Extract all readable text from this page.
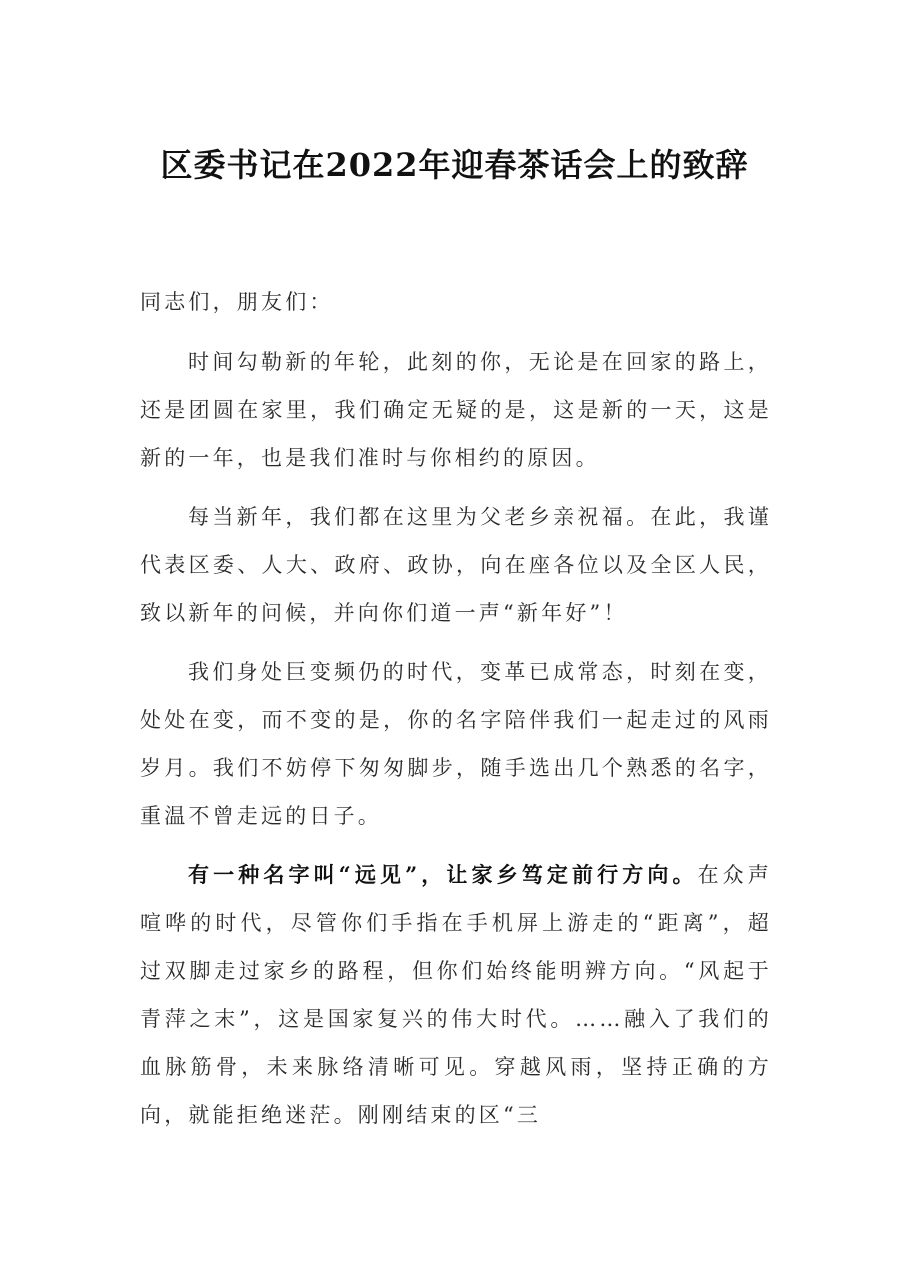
区委书记在2022年迎春茶话会上的致辞

同志们，朋友们：

时间勾勒新的年轮，此刻的你，无论是在回家的路上，还是团圆在家里，我们确定无疑的是，这是新的一天，这是新的一年，也是我们准时与你相约的原因。

每当新年，我们都在这里为父老乡亲祝福。在此，我谨代表区委、人大、政府、政协，向在座各位以及全区人民，致以新年的问候，并向你们道一声“新年好”！

我们身处巨变频仍的时代，变革已成常态，时刻在变，处处在变，而不变的是，你的名字陪伴我们一起走过的风雨岁月。我们不妨停下匆匆脚步，随手选出几个熟悉的名字，重温不曾走远的日子。

有一种名字叫“远见”，让家乡笃定前行方向。在众声喧哗的时代，尽管你们手指在手机屏上游走的“距离”，超过双脚走过家乡的路程，但你们始终能明辨方向。“风起于青萍之末”，这是国家复兴的伟大时代。……融入了我们的血脉筋骨，未来脉络清晰可见。穿越风雨，坚持正确的方向，就能拒绝迷茫。刚刚结束的区“三
